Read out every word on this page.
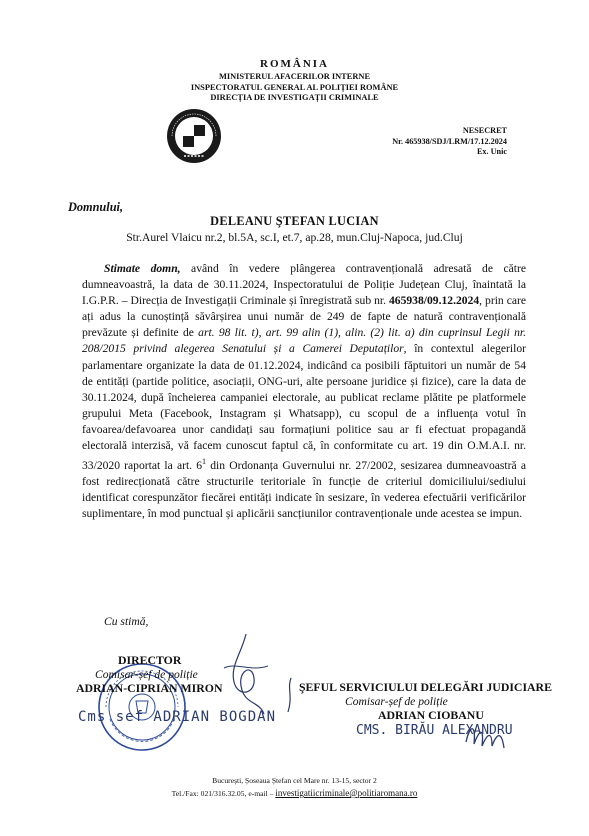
ROMÂNIA
MINISTERUL AFACERILOR INTERNE
INSPECTORATUL GENERAL AL POLIȚIEI ROMÂNE
DIRECȚIA DE INVESTIGAȚII CRIMINALE
NESECRET
Nr. 465938/SDJ/LRM/17.12.2024
Ex. Unic
Domnului,
DELEANU ŞTEFAN LUCIAN
Str.Aurel Vlaicu nr.2, bl.5A, sc.I, et.7, ap.28, mun.Cluj-Napoca, jud.Cluj

Stimate domn, având în vedere plângerea contravențională adresată de către dumneavoastră, la data de 30.11.2024, Inspectoratului de Poliție Județean Cluj, înaintată la I.G.P.R. – Direcția de Investigații Criminale și înregistrată sub nr. 465938/09.12.2024, prin care ați adus la cunoștință săvârșirea unui număr de 249 de fapte de natură contravențională prevăzute și definite de art. 98 lit. t), art. 99 alin (1), alin. (2) lit. a) din cuprinsul Legii nr. 208/2015 privind alegerea Senatului și a Camerei Deputaților, în contextul alegerilor parlamentare organizate la data de 01.12.2024, indicând ca posibili făptuitori un număr de 54 de entități (partide politice, asociații, ONG-uri, alte persoane juridice și fizice), care la data de 30.11.2024, după încheierea campaniei electorale, au publicat reclame plătite pe platformele grupului Meta (Facebook, Instagram și Whatsapp), cu scopul de a influența votul în favoarea/defavoarea unor candidați sau formațiuni politice sau ar fi efectuat propagandă electorală interzisă, vă facem cunoscut faptul că, în conformitate cu art. 19 din O.M.A.I. nr. 33/2020 raportat la art. $6^1$ din Ordonanța Guvernului nr. 27/2002, sesizarea dumneavoastră a fost redirecționată către structurile teritoriale în funcție de criteriul domiciliului/sediului identificat corespunzător fiecărei entități indicate în sesizare, în vederea efectuării verificărilor suplimentare, în mod punctual și aplicării sancțiunilor contravenționale unde acestea se impun.

Cu stimă,
DIRECTOR
Comisar-șef de poliție
ADRIAN-CIPRIAN MIRON
Cms sef ADRIAN BOGDAN
ŞEFUL SERVICIULUI DELEGĂRI JUDICIARE
Comisar-șef de poliție
ADRIAN CIOBANU
CMS. BIRĂU ALEXANDRU
București, Șoseaua Ștefan cel Mare nr. 13-15, sector 2
Tel./Fax: 021/316.32.05, e-mail – investigatiicriminale@politiaromana.ro
